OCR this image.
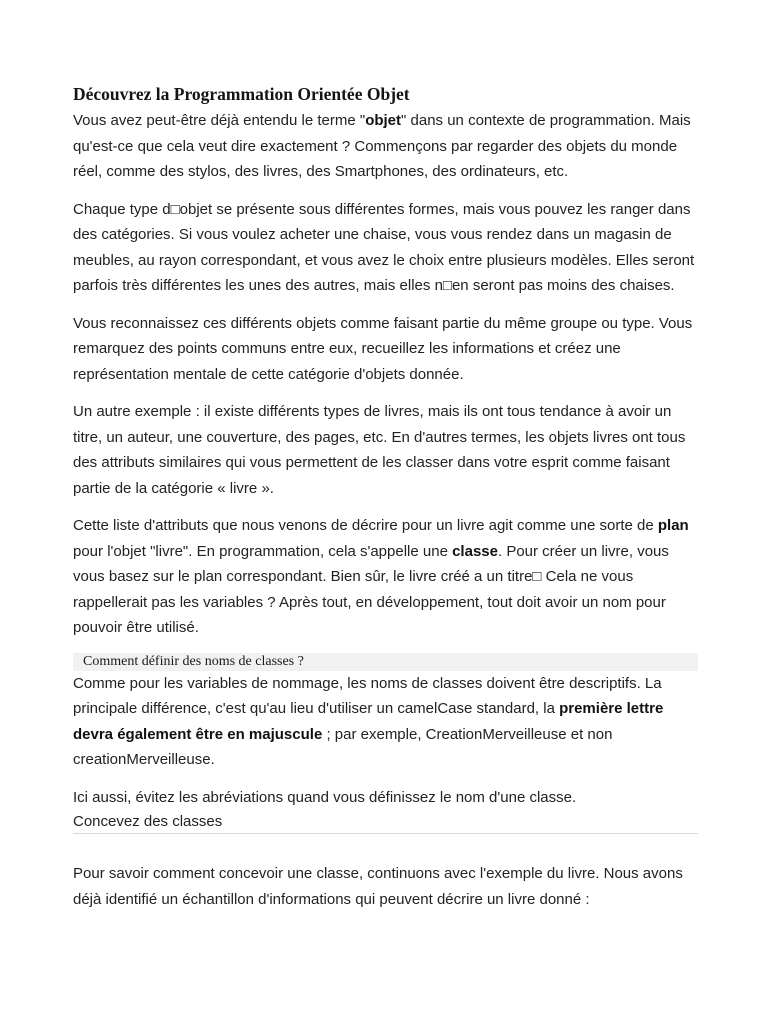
Découvrez la Programmation Orientée Objet

Vous avez peut-être déjà entendu le terme "objet" dans un contexte de programmation. Mais qu'est-ce que cela veut dire exactement ? Commençons par regarder des objets du monde réel, comme des stylos, des livres, des Smartphones, des ordinateurs, etc.

Chaque type d□objet se présente sous différentes formes, mais vous pouvez les ranger dans des catégories. Si vous voulez acheter une chaise, vous vous rendez dans un magasin de meubles, au rayon correspondant, et vous avez le choix entre plusieurs modèles. Elles seront parfois très différentes les unes des autres, mais elles n□en seront pas moins des chaises.

Vous reconnaissez ces différents objets comme faisant partie du même groupe ou type. Vous remarquez des points communs entre eux, recueillez les informations et créez une représentation mentale de cette catégorie d'objets donnée.

Un autre exemple : il existe différents types de livres, mais ils ont tous tendance à avoir un titre, un auteur, une couverture, des pages, etc. En d'autres termes, les objets livres ont tous des attributs similaires qui vous permettent de les classer dans votre esprit comme faisant partie de la catégorie « livre ».

Cette liste d'attributs que nous venons de décrire pour un livre agit comme une sorte de plan pour l'objet "livre". En programmation, cela s'appelle une classe. Pour créer un livre, vous vous basez sur le plan correspondant. Bien sûr, le livre créé a un titre□ Cela ne vous rappellerait pas les variables ? Après tout, en développement, tout doit avoir un nom pour pouvoir être utilisé.

Comment définir des noms de classes ?

Comme pour les variables de nommage, les noms de classes doivent être descriptifs. La principale différence, c'est qu'au lieu d'utiliser un camelCase standard, la première lettre devra également être en majuscule ; par exemple, CreationMerveilleuse et non creationMerveilleuse.

Ici aussi, évitez les abréviations quand vous définissez le nom d'une classe.

Concevez des classes

Pour savoir comment concevoir une classe, continuons avec l'exemple du livre. Nous avons déjà identifié un échantillon d'informations qui peuvent décrire un livre donné :
